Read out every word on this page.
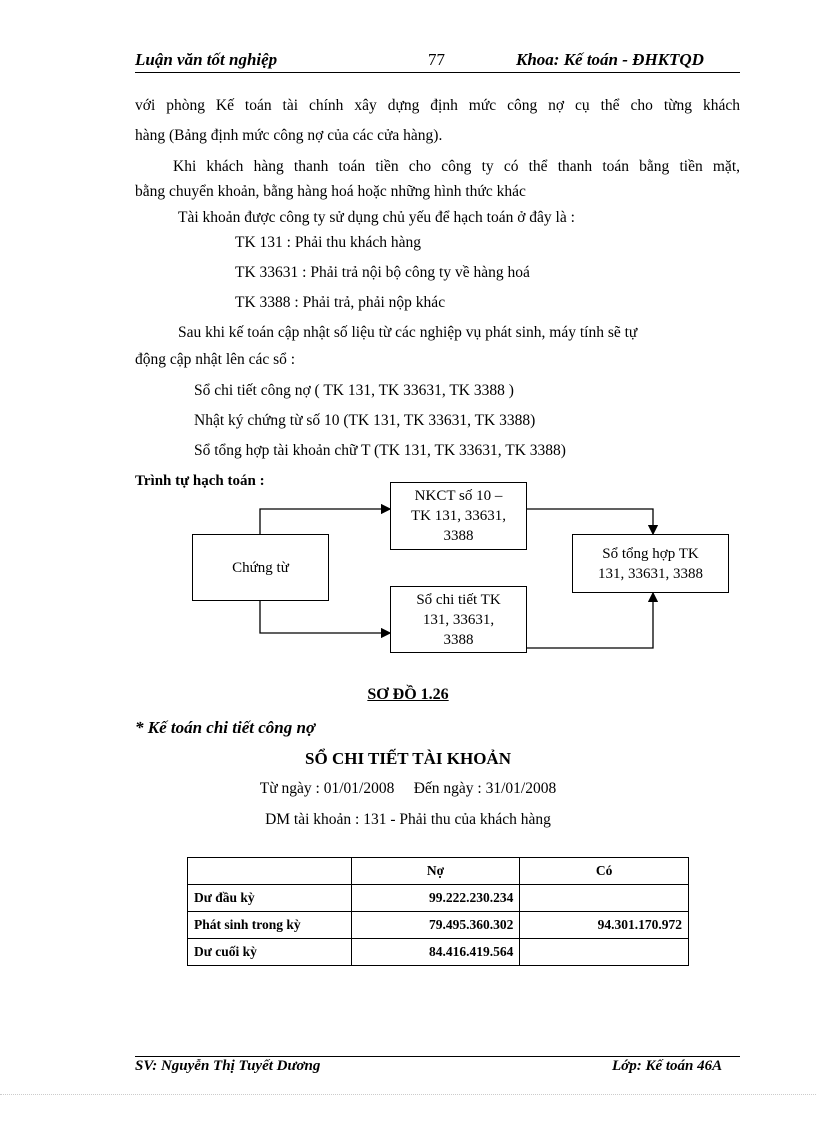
Luận văn tốt nghiệp	77	Khoa: Kế toán - ĐHKTQD
với phòng Kế toán tài chính xây dựng định mức công nợ cụ thể cho từng khách
hàng (Bảng định mức công nợ của các cửa hàng).
Khi khách hàng thanh toán tiền cho công ty có thể thanh toán bằng tiền mặt,
bằng chuyển khoản, bằng hàng hoá hoặc những hình thức khác
Tài khoản được công ty sử dụng chủ yếu để hạch toán ở đây là :
TK 131 : Phải thu khách hàng
TK 33631 : Phải trả nội bộ công ty về hàng hoá
TK 3388 : Phải trả, phải nộp khác
Sau khi kế toán cập nhật số liệu từ các nghiệp vụ phát sinh, máy tính sẽ tự
động cập nhật lên các sổ :
Sổ chi tiết công nợ ( TK 131, TK 33631, TK 3388 )
Nhật ký chứng từ số 10 (TK 131, TK 33631, TK 3388)
Sổ tổng hợp tài khoản chữ T (TK 131, TK 33631, TK 3388)
Trình tự hạch toán :
Chứng từ
NKCT số 10 –
TK 131, 33631,
3388
Sổ chi tiết TK
131, 33631,
3388
Sổ tổng hợp TK
131, 33631, 3388
SƠ ĐỒ 1.26
* Kế toán chi tiết công nợ
SỔ CHI TIẾT TÀI KHOẢN
Từ ngày : 01/01/2008     Đến ngày : 31/01/2008
DM tài khoản : 131 - Phải thu của khách hàng
	Nợ	Có
Dư đầu kỳ	99.222.230.234	
Phát sinh trong kỳ	79.495.360.302	94.301.170.972
Dư cuối kỳ	84.416.419.564	
SV: Nguyễn Thị Tuyết Dương	Lớp: Kế toán 46A
